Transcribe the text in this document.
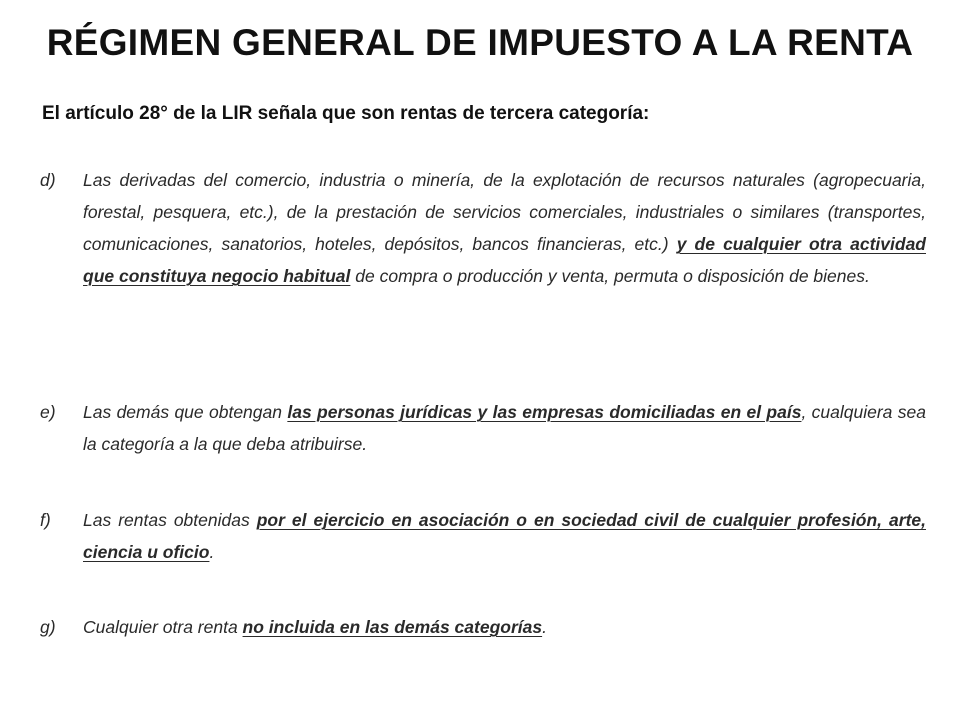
RÉGIMEN GENERAL DE IMPUESTO A LA RENTA

El artículo 28° de la LIR señala que son rentas de tercera categoría:

d)	Las derivadas del comercio, industria o minería, de la explotación de recursos naturales (agropecuaria, forestal, pesquera, etc.), de la prestación de servicios comerciales, industriales o similares (transportes, comunicaciones, sanatorios, hoteles, depósitos, bancos financieras, etc.) y de cualquier otra actividad que constituya negocio habitual de compra o producción y venta, permuta o disposición de bienes.
e)	Las demás que obtengan las personas jurídicas y las empresas domiciliadas en el país, cualquiera sea la categoría a la que deba atribuirse.
f)	Las rentas obtenidas por el ejercicio en asociación o en sociedad civil de cualquier profesión, arte, ciencia u oficio.
g)	Cualquier otra renta no incluida en las demás categorías.
